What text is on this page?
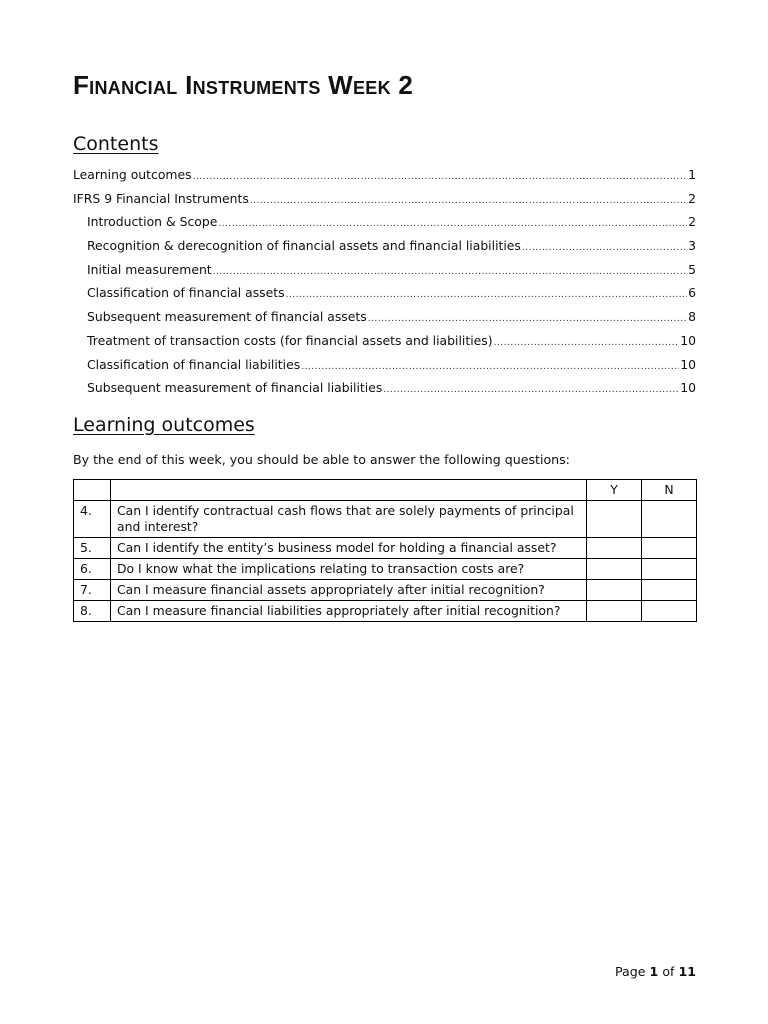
Financial Instruments Week 2
Contents
Learning outcomes .....	1
IFRS 9 Financial Instruments .....	2
Introduction & Scope .....	2
Recognition & derecognition of financial assets and financial liabilities .....	3
Initial measurement .....	5
Classification of financial assets .....	6
Subsequent measurement of financial assets .....	8
Treatment of transaction costs (for financial assets and liabilities) .....	10
Classification of financial liabilities .....	10
Subsequent measurement of financial liabilities .....	10
Learning outcomes

By the end of this week, you should be able to answer the following questions:

		Y	N
4.	Can I identify contractual cash flows that are solely payments of principal and interest?		
5.	Can I identify the entity’s business model for holding a financial asset?		
6.	Do I know what the implications relating to transaction costs are?		
7.	Can I measure financial assets appropriately after initial recognition?		
8.	Can I measure financial liabilities appropriately after initial recognition?		
Page 1 of 11
